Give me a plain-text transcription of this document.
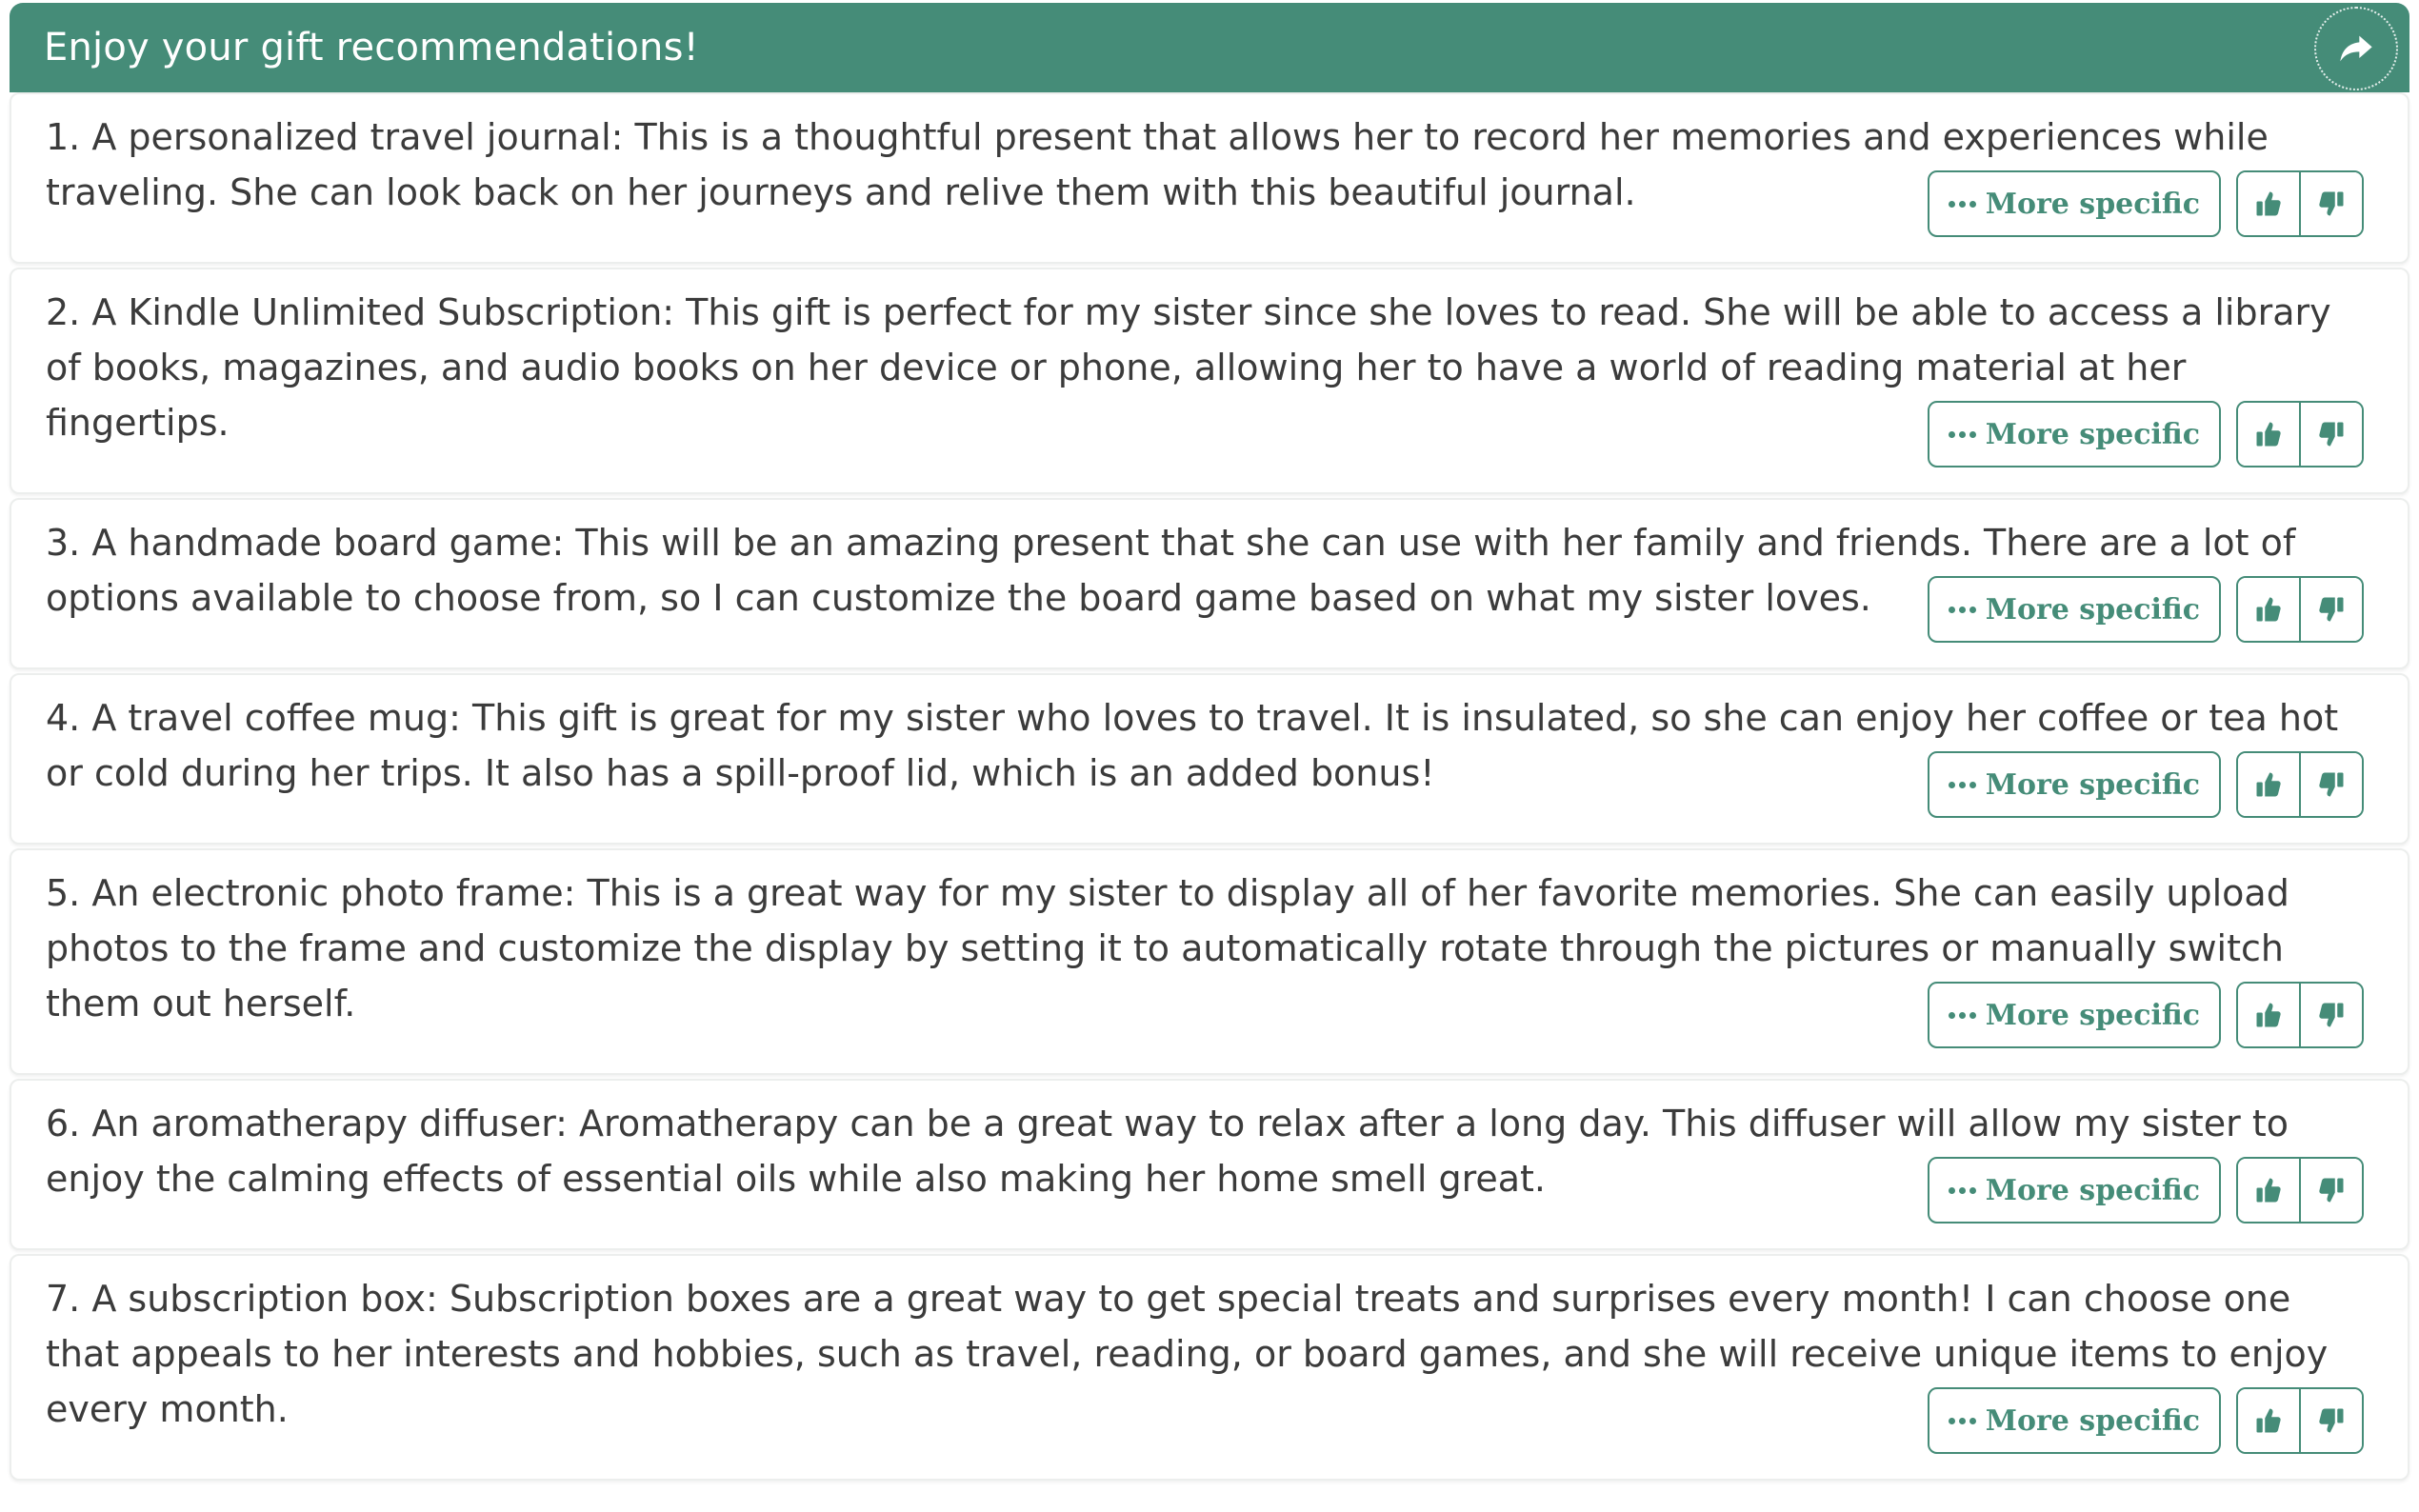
Enjoy your gift recommendations!

1. A personalized travel journal: This is a thoughtful present that allows her to record her memories and experiences while traveling. She can look back on her journeys and relive them with this beautiful journal.	More specific

2. A Kindle Unlimited Subscription: This gift is perfect for my sister since she loves to read. She will be able to access a library of books, magazines, and audio books on her device or phone, allowing her to have a world of reading material at her fingertips.	More specific

3. A handmade board game: This will be an amazing present that she can use with her family and friends. There are a lot of options available to choose from, so I can customize the board game based on what my sister loves.	More specific

4. A travel coffee mug: This gift is great for my sister who loves to travel. It is insulated, so she can enjoy her coffee or tea hot or cold during her trips. It also has a spill-proof lid, which is an added bonus!	More specific

5. An electronic photo frame: This is a great way for my sister to display all of her favorite memories. She can easily upload photos to the frame and customize the display by setting it to automatically rotate through the pictures or manually switch them out herself.	More specific

6. An aromatherapy diffuser: Aromatherapy can be a great way to relax after a long day. This diffuser will allow my sister to enjoy the calming effects of essential oils while also making her home smell great.	More specific

7. A subscription box: Subscription boxes are a great way to get special treats and surprises every month! I can choose one that appeals to her interests and hobbies, such as travel, reading, or board games, and she will receive unique items to enjoy every month.	More specific
